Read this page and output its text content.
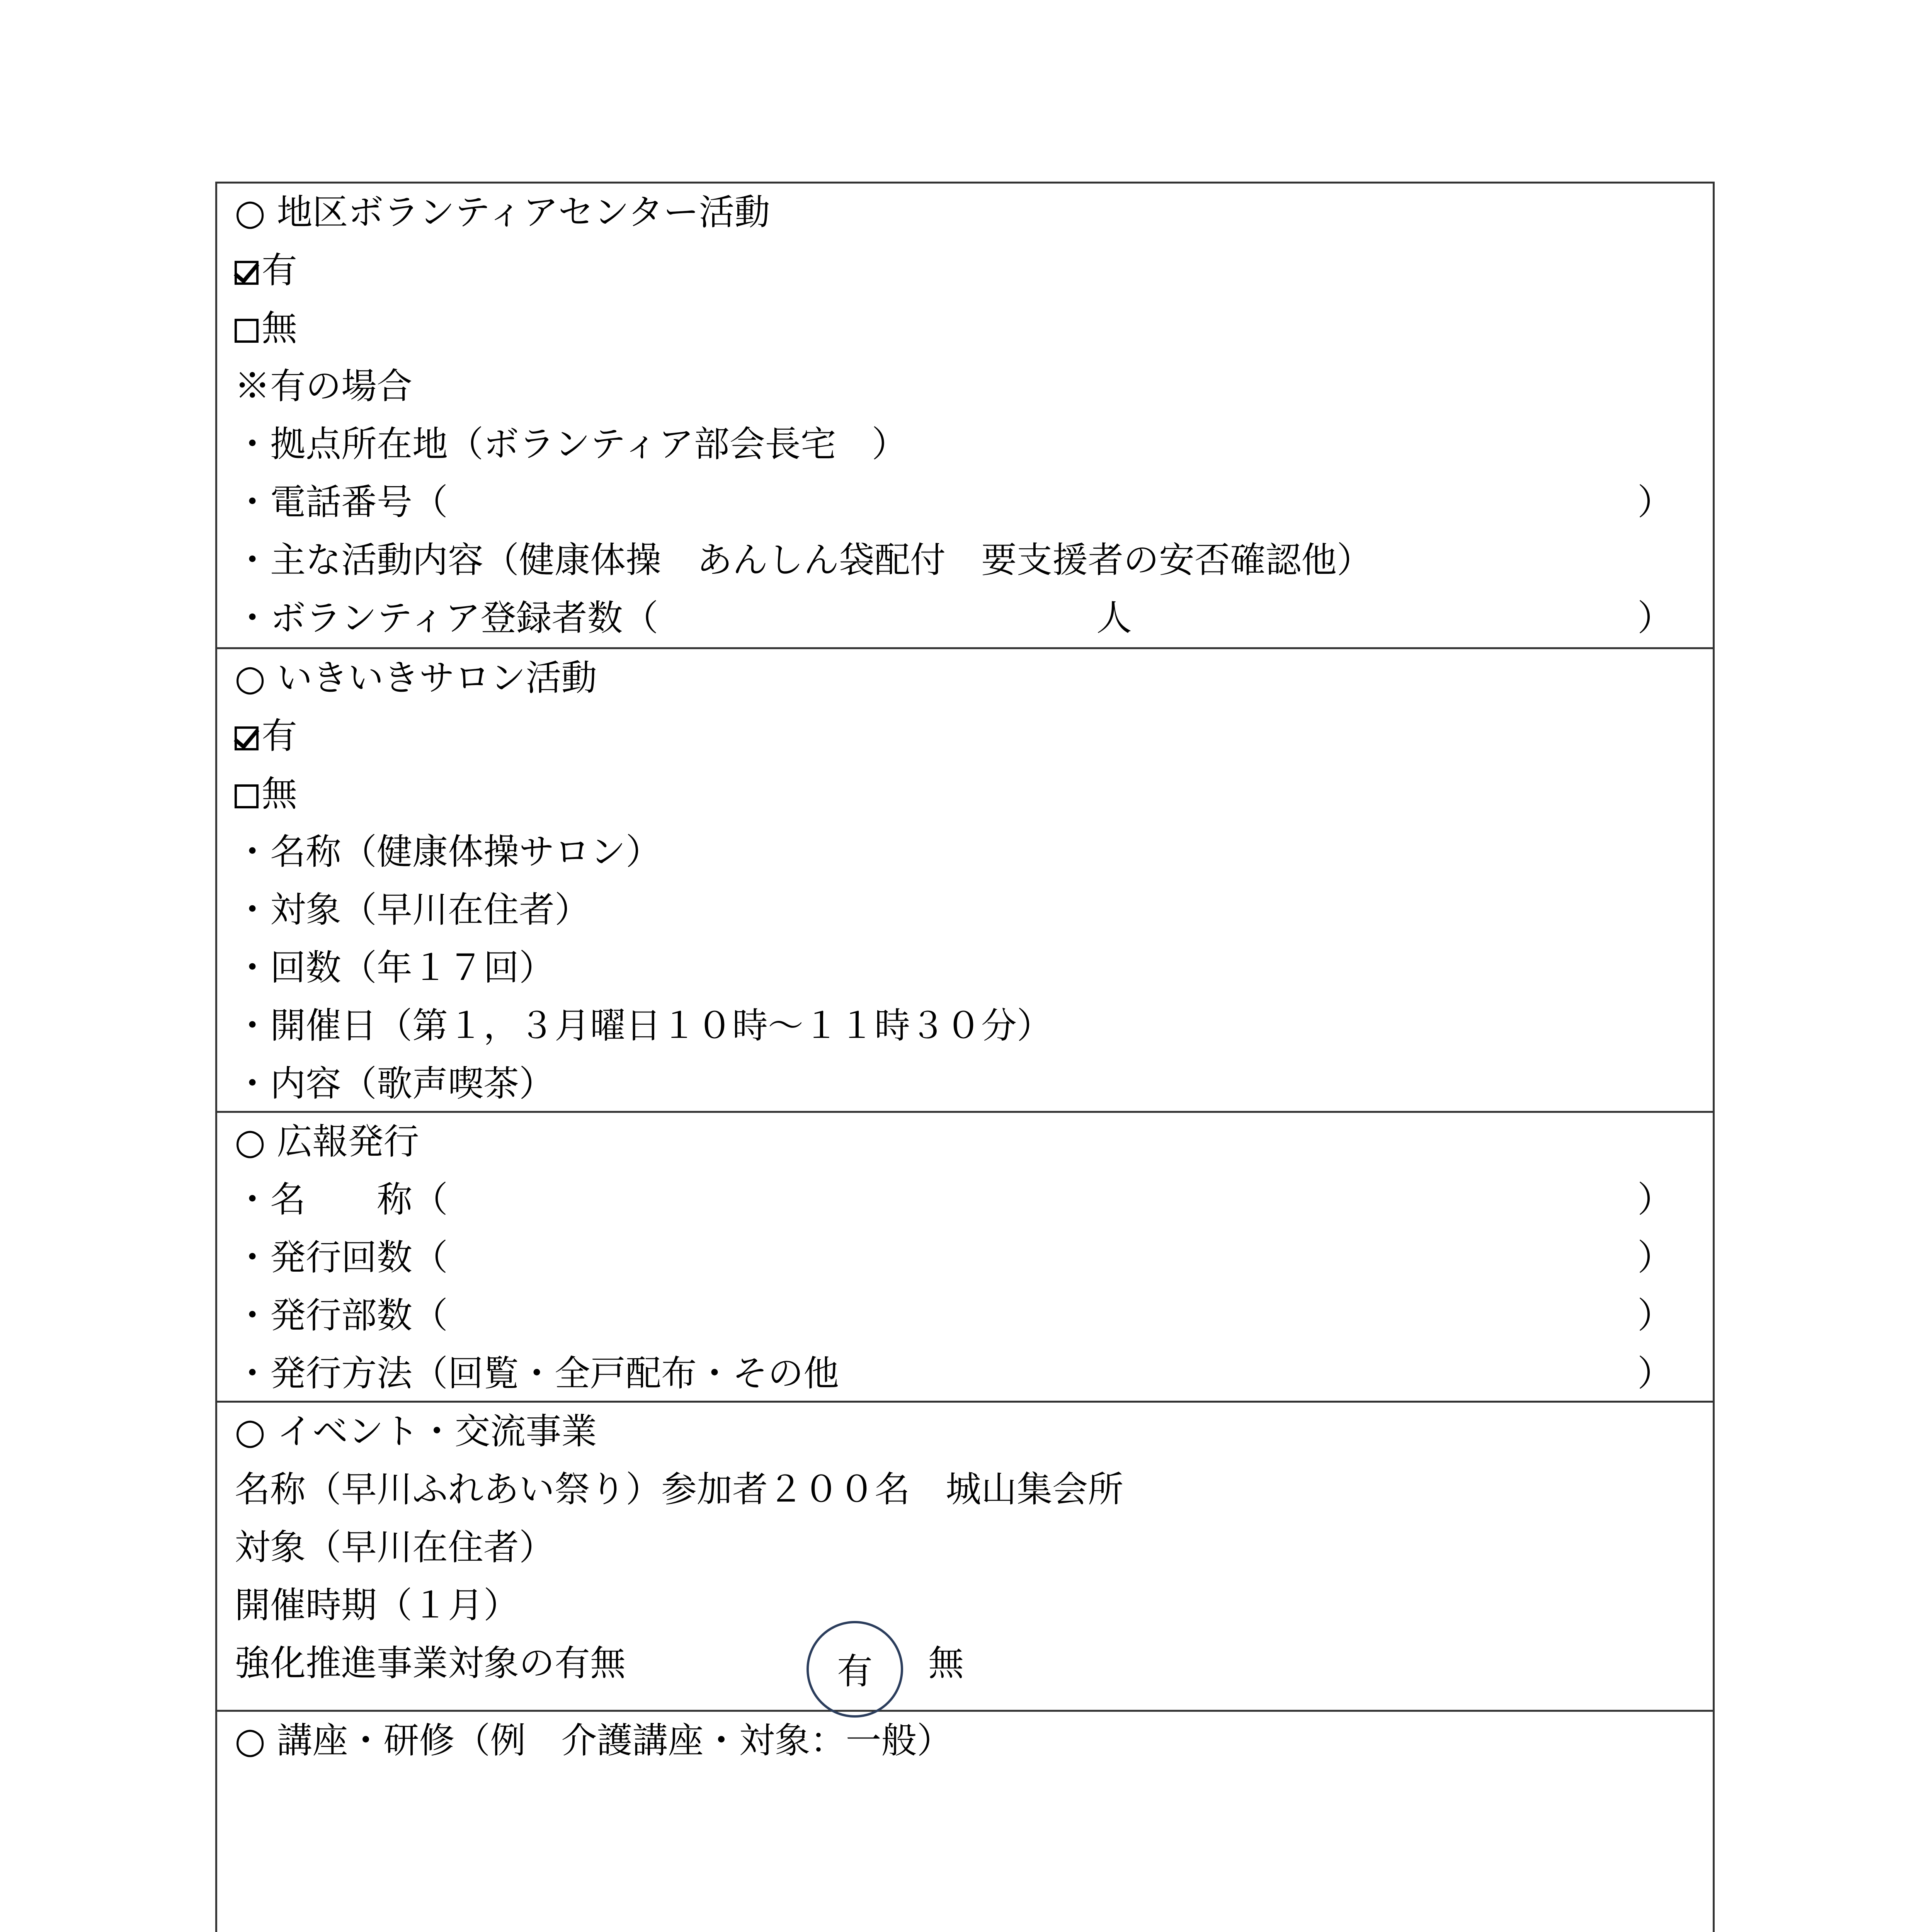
○ 地区ボランティアセンター活動
有
無
※有の場合
・拠点所在地（ボランティア部会長宅　）
・電話番号（	）
・主な活動内容（健康体操　あんしん袋配付　要支援者の安否確認他）
・ボランティア登録者数（	人	）
○ いきいきサロン活動
有
無
・名称（健康体操サロン）
・対象（早川在住者）
・回数（年１７回）
・開催日（第１，３月曜日１０時～１１時３０分）
・内容（歌声喫茶）
○ 広報発行
・名　　称（	）
・発行回数（	）
・発行部数（	）
・発行方法（回覧・全戸配布・その他	）
○ イベント・交流事業
名称（早川ふれあい祭り）参加者２００名　城山集会所
対象（早川在住者）
開催時期（１月）
強化推進事業対象の有無	有	無
○ 講座・研修（例　介護講座・対象：一般）
